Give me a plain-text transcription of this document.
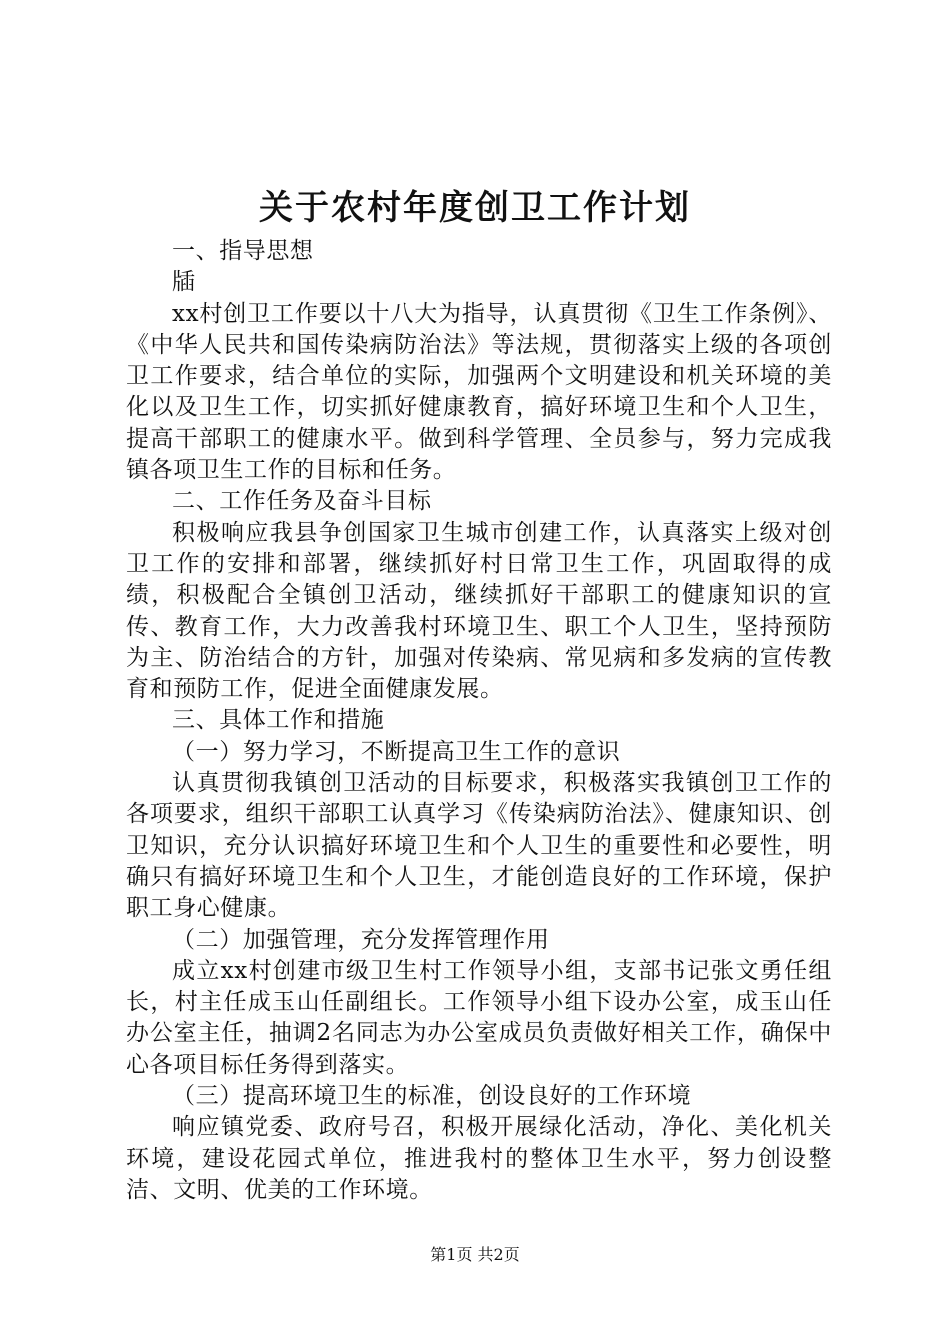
关于农村年度创卫工作计划

一、指导思想

牐

xx村创卫工作要以十八大为指导，认真贯彻《卫生工作条例》、《中华人民共和国传染病防治法》等法规，贯彻落实上级的各项创卫工作要求，结合单位的实际，加强两个文明建设和机关环境的美化以及卫生工作，切实抓好健康教育，搞好环境卫生和个人卫生，提高干部职工的健康水平。做到科学管理、全员参与，努力完成我镇各项卫生工作的目标和任务。

二、工作任务及奋斗目标

积极响应我县争创国家卫生城市创建工作，认真落实上级对创卫工作的安排和部署，继续抓好村日常卫生工作，巩固取得的成绩，积极配合全镇创卫活动，继续抓好干部职工的健康知识的宣传、教育工作，大力改善我村环境卫生、职工个人卫生，坚持预防为主、防治结合的方针，加强对传染病、常见病和多发病的宣传教育和预防工作，促进全面健康发展。

三、具体工作和措施

（一）努力学习，不断提高卫生工作的意识

认真贯彻我镇创卫活动的目标要求，积极落实我镇创卫工作的各项要求，组织干部职工认真学习《传染病防治法》、健康知识、创卫知识，充分认识搞好环境卫生和个人卫生的重要性和必要性，明确只有搞好环境卫生和个人卫生，才能创造良好的工作环境，保护职工身心健康。

（二）加强管理，充分发挥管理作用

成立xx村创建市级卫生村工作领导小组，支部书记张文勇任组长，村主任成玉山任副组长。工作领导小组下设办公室，成玉山任办公室主任，抽调2名同志为办公室成员负责做好相关工作，确保中心各项目标任务得到落实。

（三）提高环境卫生的标准，创设良好的工作环境

响应镇党委、政府号召，积极开展绿化活动，净化、美化机关环境，建设花园式单位，推进我村的整体卫生水平，努力创设整洁、文明、优美的工作环境。

第1页 共2页
